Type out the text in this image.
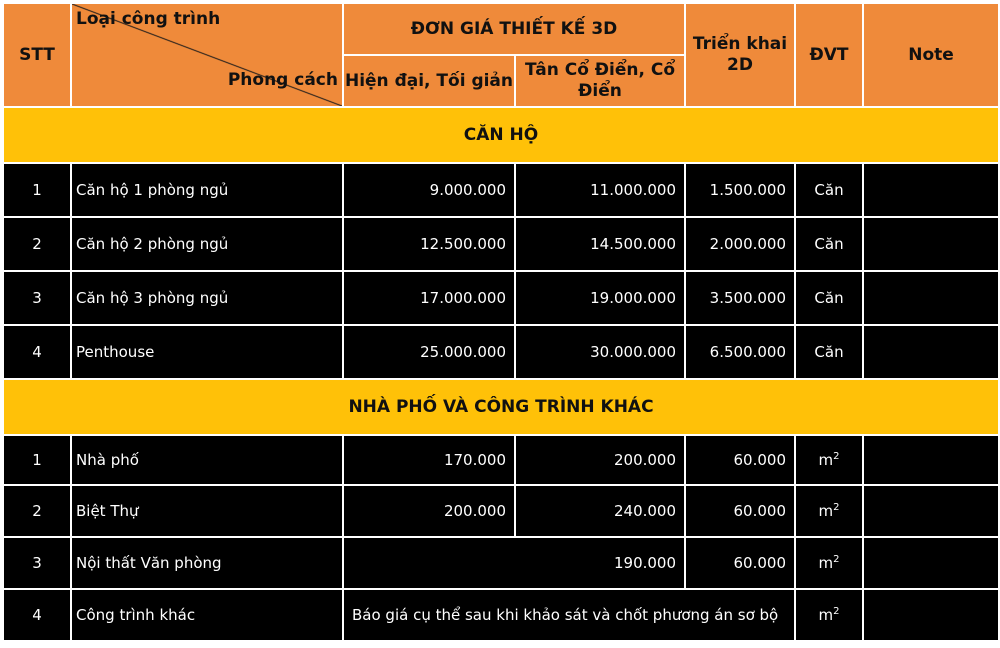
STT	Loại công trình
Phong cách	ĐƠN GIÁ THIẾT KẾ 3D		Triển khai 2D	ĐVT	Note
		Hiện đại, Tối giản	Tân Cổ Điển, Cổ Điển			
CĂN HỘ						
1	Căn hộ 1 phòng ngủ	9.000.000	11.000.000	1.500.000	Căn	
2	Căn hộ 2 phòng ngủ	12.500.000	14.500.000	2.000.000	Căn	
3	Căn hộ 3 phòng ngủ	17.000.000	19.000.000	3.500.000	Căn	
4	Penthouse	25.000.000	30.000.000	6.500.000	Căn	
NHÀ PHỐ VÀ CÔNG TRÌNH KHÁC						
1	Nhà phố	170.000	200.000	60.000	$m^2$	
2	Biệt Thự	200.000	240.000	60.000	$m^2$	
3	Nội thất Văn phòng	190.000		60.000	$m^2$	
4	Công trình khác	Báo giá cụ thể sau khi khảo sát và chốt phương án sơ bộ			$m^2$	
